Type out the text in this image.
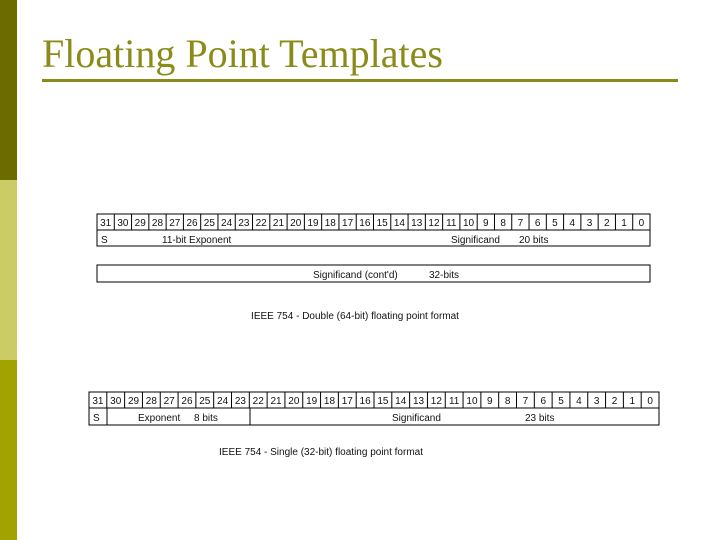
Floating Point Templates
31 30 29 28 27 26 25 24 23 22 21 20 19 18 17 16 15 14 13 12 11 10 9 8 7 6 5 4 3 2 1 0
S	11-bit Exponent	Significand 20 bits
Significand (cont'd)	32-bits
31 30 29 28 27 26 25 24 23 22 21 20 19 18 17 16 15 14 13 12 11 10 9 8 7 6 5 4 3 2 1 0
S	Exponent 8 bits	Significand	23 bits
IEEE 754 - Double (64-bit) floating point format
IEEE 754 - Single (32-bit) floating point format
